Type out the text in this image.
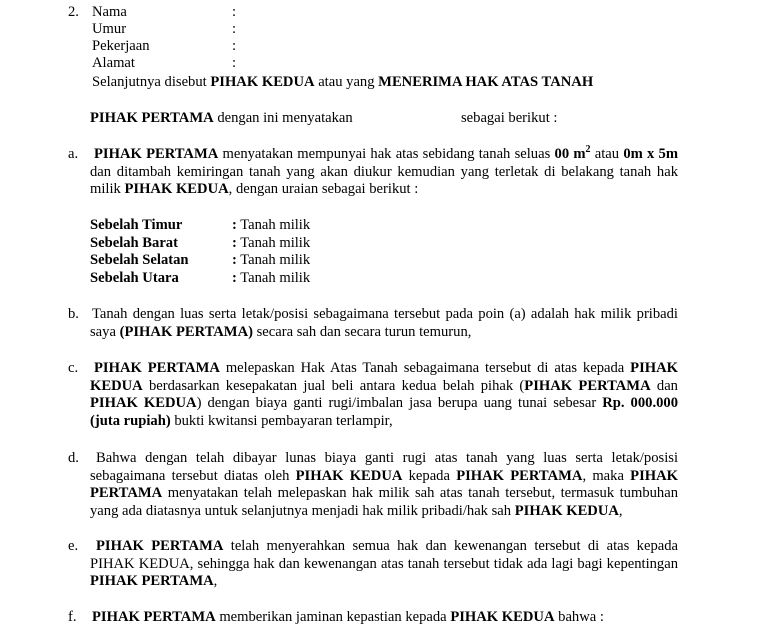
2. Nama	:
Umur	:
Pekerjaan	:
Alamat	:
Selanjutnya disebut PIHAK KEDUA atau yang MENERIMA HAK ATAS TANAH
PIHAK PERTAMA dengan ini menyatakan	sebagai berikut :
a. PIHAK PERTAMA menyatakan mempunyai hak atas sebidang tanah seluas 00 $m^2$ atau 0m x 5m dan ditambah kemiringan tanah yang akan diukur kemudian yang terletak di belakang tanah hak milik PIHAK KEDUA, dengan uraian sebagai berikut :
Sebelah Timur	: Tanah milik
Sebelah Barat	: Tanah milik
Sebelah Selatan	: Tanah milik
Sebelah Utara	: Tanah milik
b. Tanah dengan luas serta letak/posisi sebagaimana tersebut pada poin (a) adalah hak milik pribadi saya (PIHAK PERTAMA) secara sah dan secara turun temurun,
c. PIHAK PERTAMA melepaskan Hak Atas Tanah sebagaimana tersebut di atas kepada PIHAK KEDUA berdasarkan kesepakatan jual beli antara kedua belah pihak (PIHAK PERTAMA dan PIHAK KEDUA) dengan biaya ganti rugi/imbalan jasa berupa uang tunai sebesar Rp. 000.000 (juta rupiah) bukti kwitansi pembayaran terlampir,
d.	Bahwa dengan telah dibayar lunas biaya ganti rugi atas tanah yang luas serta letak/posisi sebagaimana tersebut diatas oleh PIHAK KEDUA kepada PIHAK PERTAMA, maka PIHAK PERTAMA menyatakan telah melepaskan hak milik sah atas tanah tersebut, termasuk tumbuhan yang ada diatasnya untuk selanjutnya menjadi hak milik pribadi/hak sah PIHAK KEDUA,
e.	PIHAK PERTAMA telah menyerahkan semua hak dan kewenangan tersebut di atas kepada PIHAK KEDUA, sehingga hak dan kewenangan atas tanah tersebut tidak ada lagi bagi kepentingan PIHAK PERTAMA,
f. PIHAK PERTAMA memberikan jaminan kepastian kepada PIHAK KEDUA bahwa :
